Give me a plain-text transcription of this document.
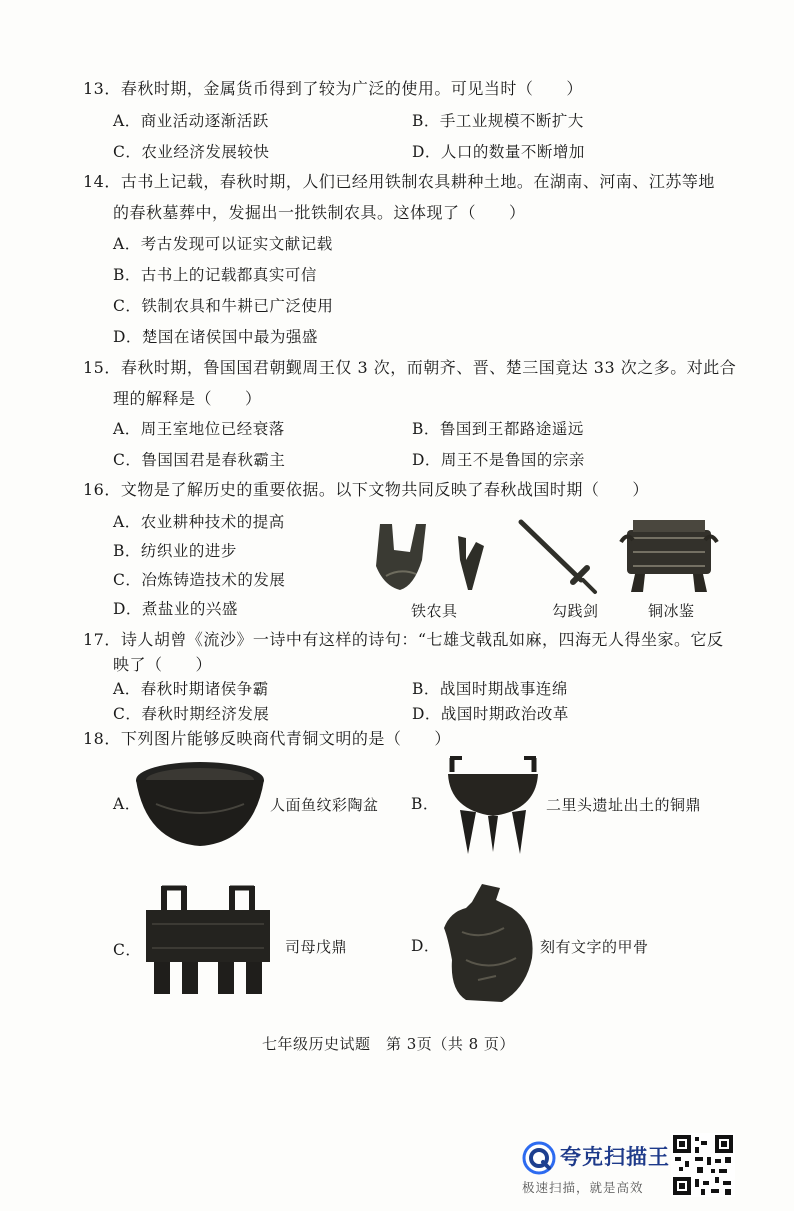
13．春秋时期，金属货币得到了较为广泛的使用。可见当时（　　）
A．商业活动逐渐活跃	B．手工业规模不断扩大
C．农业经济发展较快	D．人口的数量不断增加
14．古书上记载，春秋时期，人们已经用铁制农具耕种土地。在湖南、河南、江苏等地
的春秋墓葬中，发掘出一批铁制农具。这体现了（　　）
A．考古发现可以证实文献记载
B．古书上的记载都真实可信
C．铁制农具和牛耕已广泛使用
D．楚国在诸侯国中最为强盛
15．春秋时期，鲁国国君朝觐周王仅 3 次，而朝齐、晋、楚三国竟达 33 次之多。对此合
理的解释是（　　）
A．周王室地位已经衰落	B．鲁国到王都路途遥远
C．鲁国国君是春秋霸主	D．周王不是鲁国的宗亲
16．文物是了解历史的重要依据。以下文物共同反映了春秋战国时期（　　）
A．农业耕种技术的提高
B．纺织业的进步
C．冶炼铸造技术的发展
D．煮盐业的兴盛	铁农具	勾践剑	铜冰鉴
17．诗人胡曾《流沙》一诗中有这样的诗句：“七雄戈戟乱如麻，四海无人得坐家。它反
映了（　　）
A．春秋时期诸侯争霸	B．战国时期战事连绵
C．春秋时期经济发展	D．战国时期政治改革
18．下列图片能够反映商代青铜文明的是（　　）
A．	人面鱼纹彩陶盆 B．	二里头遗址出土的铜鼎
C．	司母戊鼎	D．	刻有文字的甲骨
七年级历史试题　第 3页（共 8 页）
夸克扫描王
极速扫描，就是高效
